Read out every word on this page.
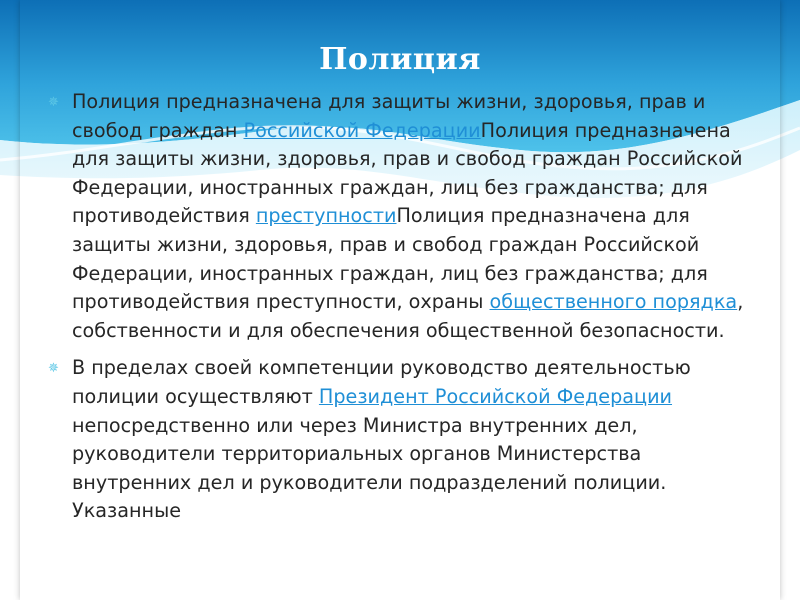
Полиция

✵ Полиция предназначена для защиты жизни, здоровья, прав и свобод граждан Российской ФедерацииПолиция предназначена для защиты жизни, здоровья, прав и свобод граждан Российской Федерации, иностранных граждан, лиц без гражданства; для противодействия преступностиПолиция предназначена для защиты жизни, здоровья, прав и свобод граждан Российской Федерации, иностранных граждан, лиц без гражданства; для противодействия преступности, охраны общественного порядка, собственности и для обеспечения общественной безопасности.

✵ В пределах своей компетенции руководство деятельностью полиции осуществляют Президент Российской Федерации непосредственно или через Министра внутренних дел, руководители территориальных органов Министерства внутренних дел и руководители подразделений полиции. Указанные
